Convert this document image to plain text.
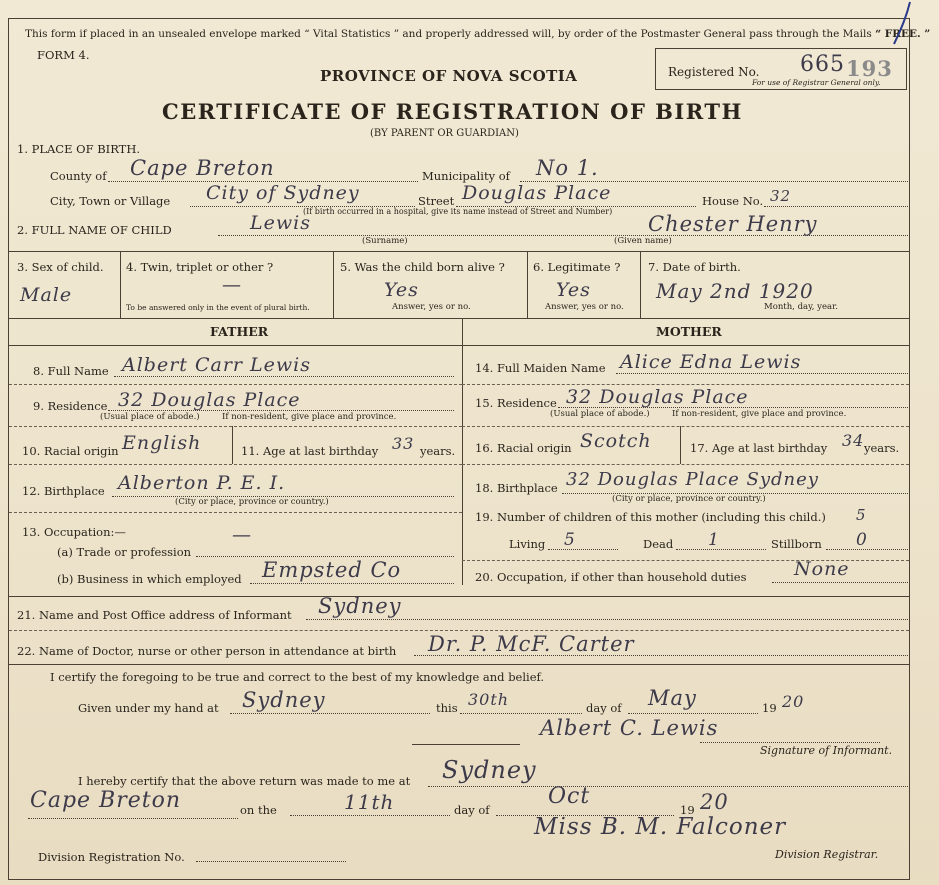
This form if placed in an unsealed envelope marked “ Vital Statistics ” and properly addressed will, by order of the Postmaster General pass through the Mails “ FREE. ”
FORM 4.
PROVINCE OF NOVA SCOTIA
CERTIFICATE OF REGISTRATION OF BIRTH
(BY PARENT OR GUARDIAN)
Registered No. 665 193
For use of Registrar General only.
1. PLACE OF BIRTH.
County of Cape Breton	Municipality of No 1.
City, Town or Village City of Sydney	Street Douglas Place	House No. 32
(If birth occurred in a hospital, give its name instead of Street and Number)
2. FULL NAME OF CHILD	Lewis	Chester Henry
(Surname)	(Given name)
3. Sex of child.
Male
4. Twin, triplet or other ?
—
To be answered only in the event of plural birth.
5. Was the child born alive ?
Yes
Answer, yes or no.
6. Legitimate ?
Yes
Answer, yes or no.
7. Date of birth.
May 2nd 1920
Month, day, year.
FATHER	MOTHER
8. Full Name Albert Carr Lewis
9. Residence 32 Douglas Place
(Usual place of abode.)	If non-resident, give place and province.
10. Racial origin English	11. Age at last birthday 33 years.
12. Birthplace Alberton P. E. I.
(City or place, province or country.)
13. Occupation:—
(a) Trade or profession
—
(b) Business in which employed Empsted Co
14. Full Maiden Name Alice Edna Lewis
15. Residence 32 Douglas Place
(Usual place of abode.)	If non-resident, give place and province.
16. Racial origin Scotch	17. Age at last birthday 34 years.
18. Birthplace 32 Douglas Place Sydney
(City or place, province or country.)
19. Number of children of this mother (including this child.) 5
Living 5	Dead 1	Stillborn 0
20. Occupation, if other than household duties None
21. Name and Post Office address of Informant Sydney
22. Name of Doctor, nurse or other person in attendance at birth Dr. P. McF. Carter
I certify the foregoing to be true and correct to the best of my knowledge and belief.
Given under my hand at Sydney	this 30th	day of May	19 20
Albert C. Lewis
Signature of Informant.
I hereby certify that the above return was made to me at Sydney
Cape Breton	on the	11th	day of
Oct
19 20
Division Registration No.
Miss B. M. Falconer
Division Registrar.
